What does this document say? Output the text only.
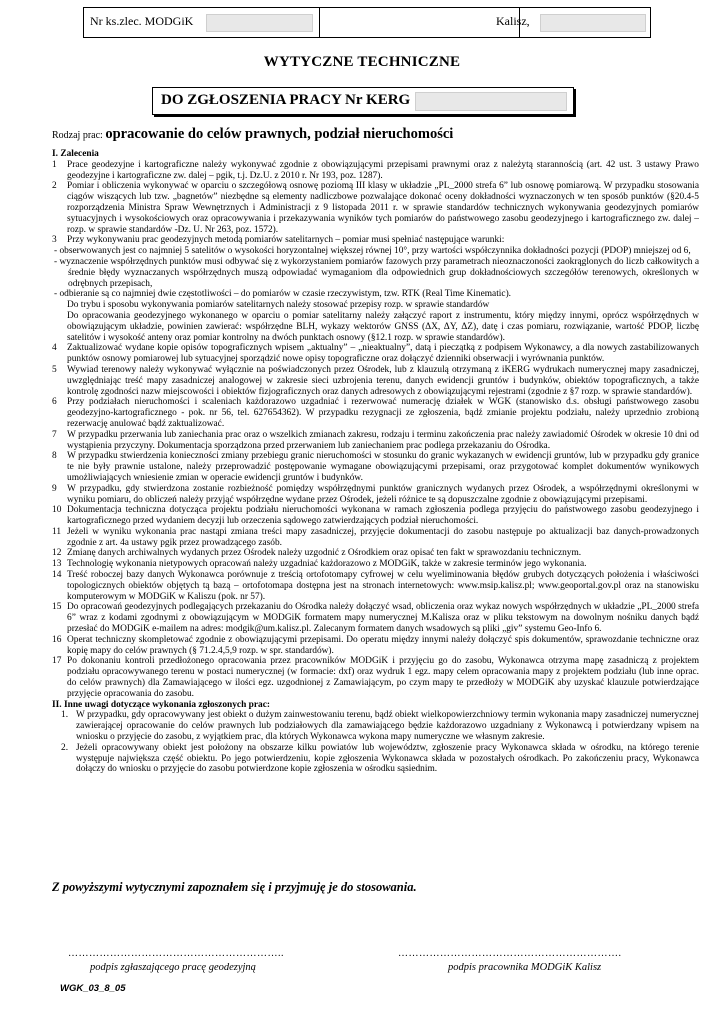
Nr ks.zlec. MODGiK	Kalisz,
WYTYCZNE TECHNICZNE
DO ZGŁOSZENIA PRACY Nr KERG
Rodzaj prac: opracowanie do celów prawnych, podział nieruchomości
I. Zalecenia
1 Prace geodezyjne i kartograficzne należy wykonywać zgodnie z obowiązującymi przepisami prawnymi oraz z należytą starannością (art. 42 ust. 3 ustawy Prawo geodezyjne i kartograficzne zw. dalej – pgik, t.j. Dz.U. z 2010 r. Nr 193, poz. 1287).
2 Pomiar i obliczenia wykonywać w oparciu o szczegółową osnowę poziomą III klasy w układzie „PL_2000 strefa 6” lub osnowę pomiarową. W przypadku stosowania ciągów wiszących lub tzw. „bagnetów” niezbędne są elementy nadliczbowe pozwalające dokonać oceny dokładności wyznaczonych w ten sposób punktów (§20.4-5 rozporządzenia Ministra Spraw Wewnętrznych i Administracji z 9 listopada 2011 r. w sprawie standardów technicznych wykonywania geodezyjnych pomiarów sytuacyjnych i wysokościowych oraz opracowywania i przekazywania wyników tych pomiarów do państwowego zasobu geodezyjnego i kartograficznego zw. dalej – rozp. w sprawie standardów -Dz. U. Nr 263, poz. 1572).
3 Przy wykonywaniu prac geodezyjnych metodą pomiarów satelitarnych – pomiar musi spełniać następujące warunki:
- obserwowanych jest co najmniej 5 satelitów o wysokości horyzontalnej większej równej 10°, przy wartości współczynnika dokładności pozycji (PDOP) mniejszej od 6,
- wyznaczenie współrzędnych punktów musi odbywać się z wykorzystaniem pomiarów fazowych przy parametrach nieoznaczoności zaokrąglonych do liczb całkowitych a średnie błędy wyznaczanych współrzędnych muszą odpowiadać wymaganiom dla odpowiednich grup dokładnościowych szczegółów terenowych, określonych w odrębnych przepisach,
- odbieranie są co najmniej dwie częstotliwości – do pomiarów w czasie rzeczywistym, tzw. RTK (Real Time Kinematic).
Do trybu i sposobu wykonywania pomiarów satelitarnych należy stosować przepisy rozp. w sprawie standardów
Do opracowania geodezyjnego wykonanego w oparciu o pomiar satelitarny należy załączyć raport z instrumentu, który między innymi, oprócz współrzędnych w obowiązującym układzie, powinien zawierać: współrzędne BLH, wykazy wektorów GNSS (ΔX, ΔY, ΔZ), datę i czas pomiaru, rozwiązanie, wartość PDOP, liczbę satelitów i wysokość anteny oraz pomiar kontrolny na dwóch punktach osnowy (§12.1 rozp. w sprawie standardów).
4 Zaktualizować wydane kopie opisów topograficznych wpisem „aktualny” – „nieaktualny”, datą i pieczątką z podpisem Wykonawcy, a dla nowych zastabilizowanych punktów osnowy pomiarowej lub sytuacyjnej sporządzić nowe opisy topograficzne oraz dołączyć dzienniki obserwacji i wyrównania punktów.
5 Wywiad terenowy należy wykonywać wyłącznie na poświadczonych przez Ośrodek, lub z klauzulą otrzymaną z iKERG wydrukach numerycznej mapy zasadniczej, uwzględniając treść mapy zasadniczej analogowej w zakresie sieci uzbrojenia terenu, danych ewidencji gruntów i budynków, obiektów topograficznych, a także kontrolę zgodności nazw miejscowości i obiektów fizjograficznych oraz danych adresowych z obowiązującymi rejestrami (zgodnie z §7 rozp. w sprawie standardów).
6 Przy podziałach nieruchomości i scaleniach każdorazowo uzgadniać i rezerwować numerację działek w WGK (stanowisko d.s. obsługi państwowego zasobu geodezyjno-kartograficznego - pok. nr 56, tel. 627654362). W przypadku rezygnacji ze zgłoszenia, bądź zmianie projektu podziału, należy uprzednio zrobioną rezerwację anulować bądź zaktualizować.
7 W przypadku przerwania lub zaniechania prac oraz o wszelkich zmianach zakresu, rodzaju i terminu zakończenia prac należy zawiadomić Ośrodek w okresie 10 dni od wystąpienia przyczyny. Dokumentacja sporządzona przed przerwaniem lub zaniechaniem prac podlega przekazaniu do Ośrodka.
8 W przypadku stwierdzenia konieczności zmiany przebiegu granic nieruchomości w stosunku do granic wykazanych w ewidencji gruntów, lub w przypadku gdy granice te nie były prawnie ustalone, należy przeprowadzić postępowanie wymagane obowiązującymi przepisami, oraz przygotować komplet dokumentów wynikowych umożliwiających wniesienie zmian w operacie ewidencji gruntów i budynków.
9 W przypadku, gdy stwierdzona zostanie rozbieżność pomiędzy współrzędnymi punktów granicznych wydanych przez Ośrodek, a współrzędnymi określonymi w wyniku pomiaru, do obliczeń należy przyjąć współrzędne wydane przez Ośrodek, jeżeli różnice te są dopuszczalne zgodnie z obowiązującymi przepisami.
10 Dokumentacja techniczna dotycząca projektu podziału nieruchomości wykonana w ramach zgłoszenia podlega przyjęciu do państwowego zasobu geodezyjnego i kartograficznego przed wydaniem decyzji lub orzeczenia sądowego zatwierdzających podział nieruchomości.
11 Jeżeli w wyniku wykonania prac nastąpi zmiana treści mapy zasadniczej, przyjęcie dokumentacji do zasobu następuje po aktualizacji baz danych-prowadzonych zgodnie z art. 4a ustawy pgik przez prowadzącego zasób.
12 Zmianę danych archiwalnych wydanych przez Ośrodek należy uzgodnić z Ośrodkiem oraz opisać ten fakt w sprawozdaniu technicznym.
13 Technologię wykonania nietypowych opracowań należy uzgadniać każdorazowo z MODGiK, także w zakresie terminów jego wykonania.
14 Treść roboczej bazy danych Wykonawca porównuje z treścią ortofotomapy cyfrowej w celu wyeliminowania błędów grubych dotyczących położenia i właściwości topologicznych obiektów objętych tą bazą – ortofotomapa dostępna jest na stronach internetowych: www.msip.kalisz.pl; www.geoportal.gov.pl oraz na stanowisku komputerowym w MODGiK w Kaliszu (pok. nr 57).
15 Do opracowań geodezyjnych podlegających przekazaniu do Ośrodka należy dołączyć wsad, obliczenia oraz wykaz nowych współrzędnych w układzie „PL_2000 strefa 6” wraz z kodami zgodnymi z obowiązującym w MODGiK formatem mapy numerycznej M.Kalisza oraz w pliku tekstowym na dowolnym nośniku danych bądź przesłać do MODGiK e-mailem na adres: modgik@um.kalisz.pl. Zalecanym formatem danych wsadowych są pliki „giv” systemu Geo-Info 6.
16 Operat techniczny skompletować zgodnie z obowiązującymi przepisami. Do operatu między innymi należy dołączyć spis dokumentów, sprawozdanie techniczne oraz kopię mapy do celów prawnych (§ 71.2.4,5,9 rozp. w spr. standardów).
17 Po dokonaniu kontroli przedłożonego opracowania przez pracowników MODGiK i przyjęciu go do zasobu, Wykonawca otrzyma mapę zasadniczą z projektem podziału opracowywanego terenu w postaci numerycznej (w formacie: dxf) oraz wydruk 1 egz. mapy celem opracowania mapy z projektem podziału (lub inne oprac. do celów prawnych) dla Zamawiającego w ilości egz. uzgodnionej z Zamawiającym, po czym mapy te przedłoży w MODGiK aby uzyskać klauzule potwierdzające przyjęcie opracowania do zasobu.
II. Inne uwagi dotyczące wykonania zgłoszonych prac:
1. W przypadku, gdy opracowywany jest obiekt o dużym zainwestowaniu terenu, bądź obiekt wielkopowierzchniowy termin wykonania mapy zasadniczej numerycznej zawierającej opracowanie do celów prawnych lub podziałowych dla zamawiającego będzie każdorazowo uzgadniany z Wykonawcą i potwierdzany wpisem na wniosku o przyjęcie do zasobu, z wyjątkiem prac, dla których Wykonawca wykona mapy numeryczne we własnym zakresie.
2. Jeżeli opracowywany obiekt jest położony na obszarze kilku powiatów lub województw, zgłoszenie pracy Wykonawca składa w ośrodku, na którego terenie występuje największa część obiektu. Po jego potwierdzeniu, kopie zgłoszenia Wykonawca składa w pozostałych ośrodkach. Po zakończeniu pracy, Wykonawca dołączy do wniosku o przyjęcie do zasobu potwierdzone kopie zgłoszenia w ośrodku sąsiednim.
Z powyższymi wytycznymi zapoznałem się i przyjmuję je do stosowania.
……………………………………………………..	……………………………………………………….
podpis zgłaszającego pracę geodezyjną	podpis pracownika MODGiK Kalisz
WGK_03_8_05
